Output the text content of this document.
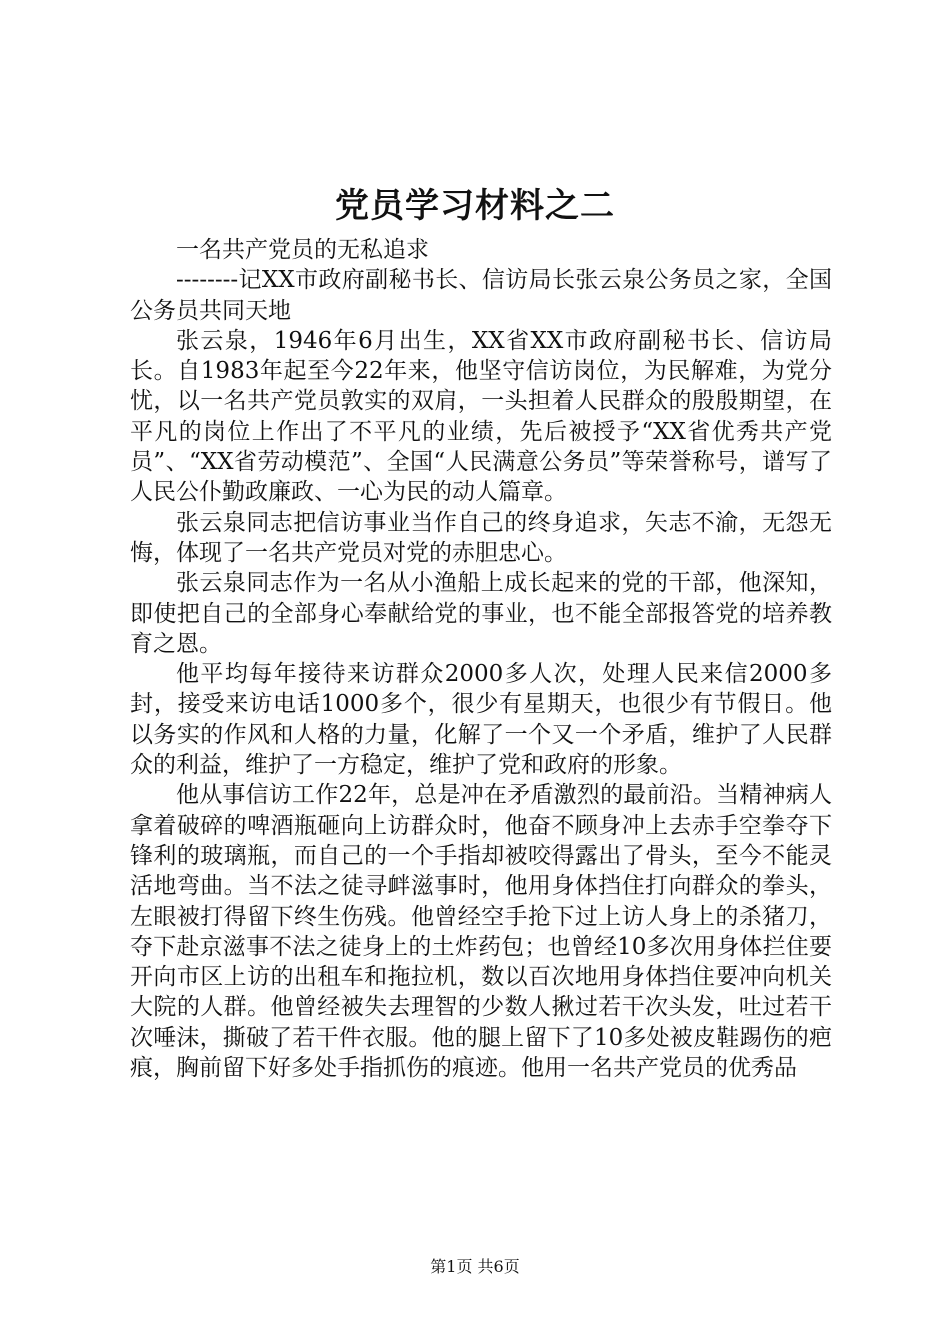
党员学习材料之二

一名共产党员的无私追求

--------记XX市政府副秘书长、信访局长张云泉公务员之家，全国公务员共同天地

张云泉，1946年6月出生，XX省XX市政府副秘书长、信访局长。自1983年起至今22年来，他坚守信访岗位，为民解难，为党分忧，以一名共产党员敦实的双肩，一头担着人民群众的殷殷期望，在平凡的岗位上作出了不平凡的业绩，先后被授予“XX省优秀共产党员”、“XX省劳动模范”、全国“人民满意公务员”等荣誉称号，谱写了人民公仆勤政廉政、一心为民的动人篇章。

张云泉同志把信访事业当作自己的终身追求，矢志不渝，无怨无悔，体现了一名共产党员对党的赤胆忠心。

张云泉同志作为一名从小渔船上成长起来的党的干部，他深知，即使把自己的全部身心奉献给党的事业，也不能全部报答党的培养教育之恩。

他平均每年接待来访群众2000多人次，处理人民来信2000多封，接受来访电话1000多个，很少有星期天，也很少有节假日。他以务实的作风和人格的力量，化解了一个又一个矛盾，维护了人民群众的利益，维护了一方稳定，维护了党和政府的形象。

他从事信访工作22年，总是冲在矛盾激烈的最前沿。当精神病人拿着破碎的啤酒瓶砸向上访群众时，他奋不顾身冲上去赤手空拳夺下锋利的玻璃瓶，而自己的一个手指却被咬得露出了骨头，至今不能灵活地弯曲。当不法之徒寻衅滋事时，他用身体挡住打向群众的拳头，左眼被打得留下终生伤残。他曾经空手抢下过上访人身上的杀猪刀，夺下赴京滋事不法之徒身上的土炸药包；也曾经10多次用身体拦住要开向市区上访的出租车和拖拉机，数以百次地用身体挡住要冲向机关大院的人群。他曾经被失去理智的少数人揪过若干次头发，吐过若干次唾沫，撕破了若干件衣服。他的腿上留下了10多处被皮鞋踢伤的疤痕，胸前留下好多处手指抓伤的痕迹。他用一名共产党员的优秀品

第1页 共6页
